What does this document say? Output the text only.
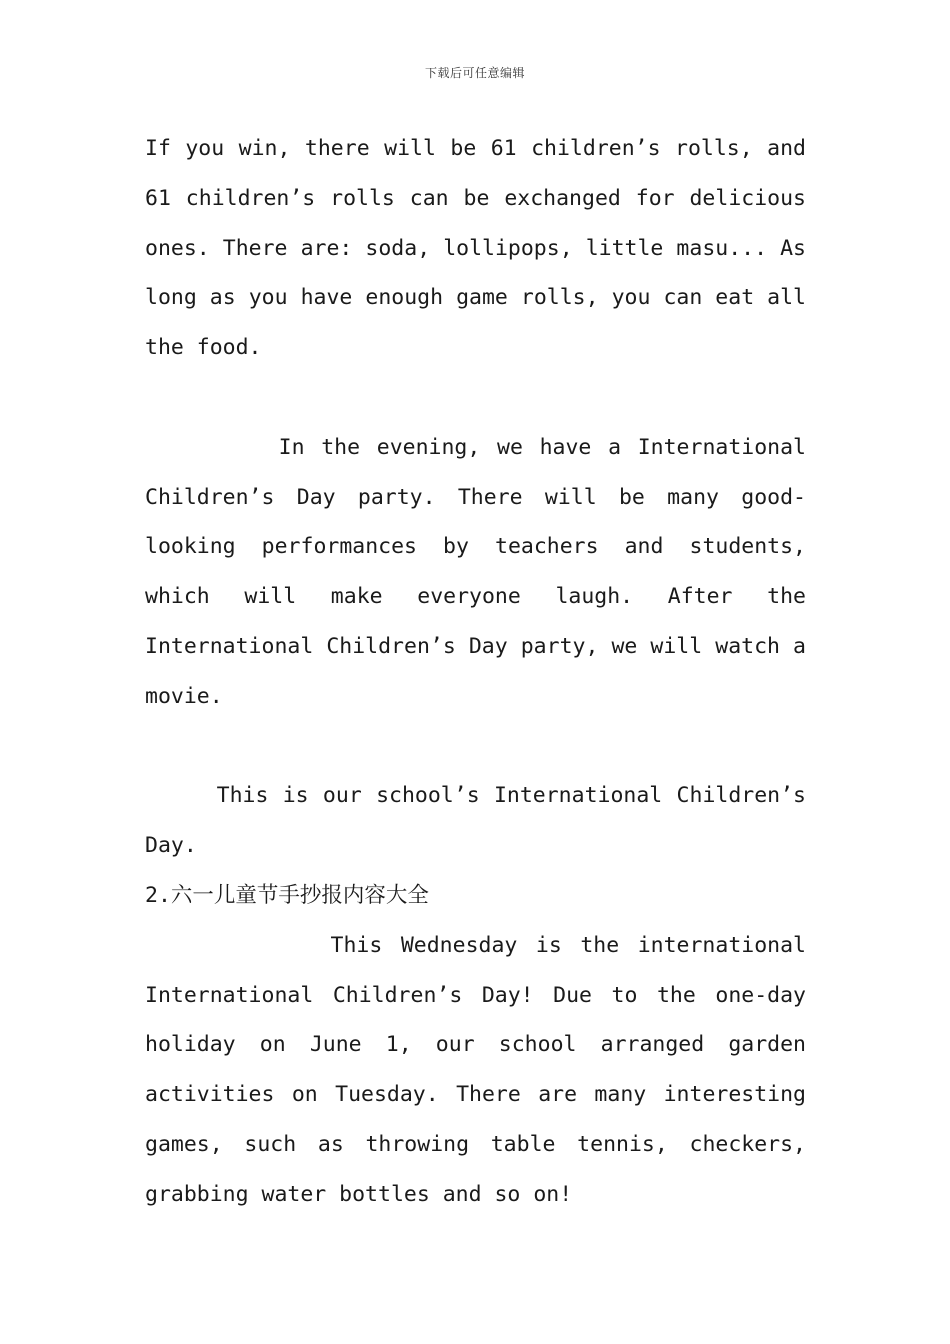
下载后可任意编辑

If you win, there will be 61 children’s rolls, and 61 children’s rolls can be exchanged for delicious ones. There are: soda, lollipops, little masu... As long as you have enough game rolls, you can eat all the food.

In the evening, we have a International Children’s Day party. There will be many good-looking performances by teachers and students, which will make everyone laugh. After the International Children’s Day party, we will watch a movie.

This is our school’s International Children’s Day.

2.六一儿童节手抄报内容大全

This Wednesday is the international International Children’s Day! Due to the one-day holiday on June 1, our school arranged garden activities on Tuesday. There are many interesting games, such as throwing table tennis, checkers, grabbing water bottles and so on!
